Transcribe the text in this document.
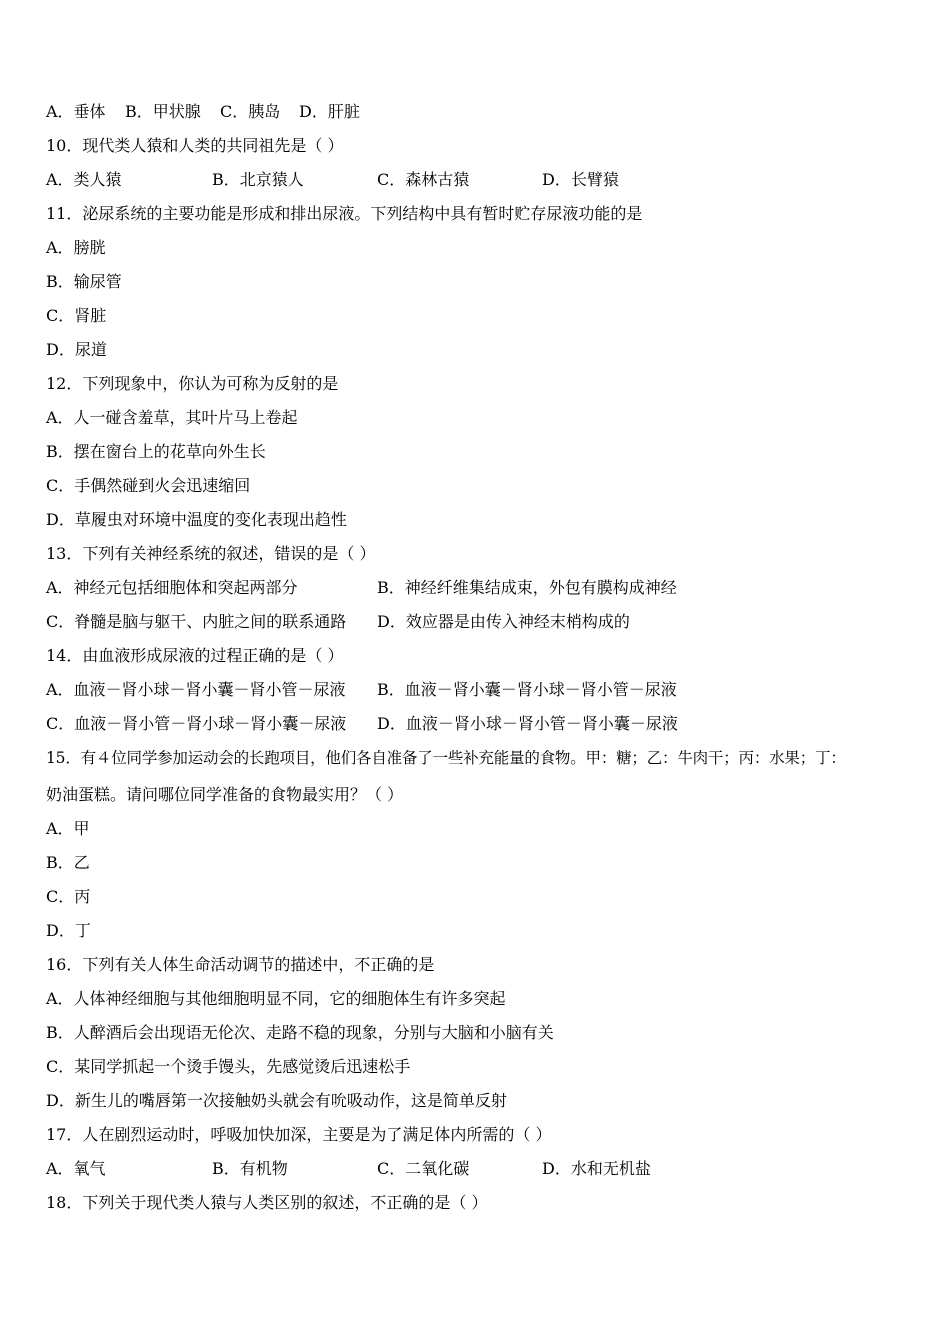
A．垂体 B．甲状腺 C．胰岛 D．肝脏
10．现代类人猿和人类的共同祖先是（ ）
A．类人猿	B．北京猿人	C．森林古猿	D．长臂猿
11．泌尿系统的主要功能是形成和排出尿液。下列结构中具有暂时贮存尿液功能的是
A．膀胱
B．输尿管
C．肾脏
D．尿道
12．下列现象中，你认为可称为反射的是
A．人一碰含羞草，其叶片马上卷起
B．摆在窗台上的花草向外生长
C．手偶然碰到火会迅速缩回
D．草履虫对环境中温度的变化表现出趋性
13．下列有关神经系统的叙述，错误的是（ ）
A．神经元包括细胞体和突起两部分	B．神经纤维集结成束，外包有膜构成神经
C．脊髓是脑与躯干、内脏之间的联系通路 D．效应器是由传入神经末梢构成的
14．由血液形成尿液的过程正确的是（ ）
A．血液－肾小球－肾小囊－肾小管－尿液 B．血液－肾小囊－肾小球－肾小管－尿液
C．血液－肾小管－肾小球－肾小囊－尿液 D．血液－肾小球－肾小管－肾小囊－尿液
15．有４位同学参加运动会的长跑项目，他们各自准备了一些补充能量的食物。甲：糖；乙：牛肉干；丙：水果；丁：
奶油蛋糕。请问哪位同学准备的食物最实用？（ ）
A．甲
B．乙
C．丙
D．丁
16．下列有关人体生命活动调节的描述中，不正确的是
A．人体神经细胞与其他细胞明显不同，它的细胞体生有许多突起
B．人醉酒后会出现语无伦次、走路不稳的现象，分别与大脑和小脑有关
C．某同学抓起一个烫手馒头，先感觉烫后迅速松手
D．新生儿的嘴唇第一次接触奶头就会有吮吸动作，这是简单反射
17．人在剧烈运动时，呼吸加快加深，主要是为了满足体内所需的（ ）
A．氧气	B．有机物	C．二氧化碳	D．水和无机盐
18．下列关于现代类人猿与人类区别的叙述，不正确的是（ ）
